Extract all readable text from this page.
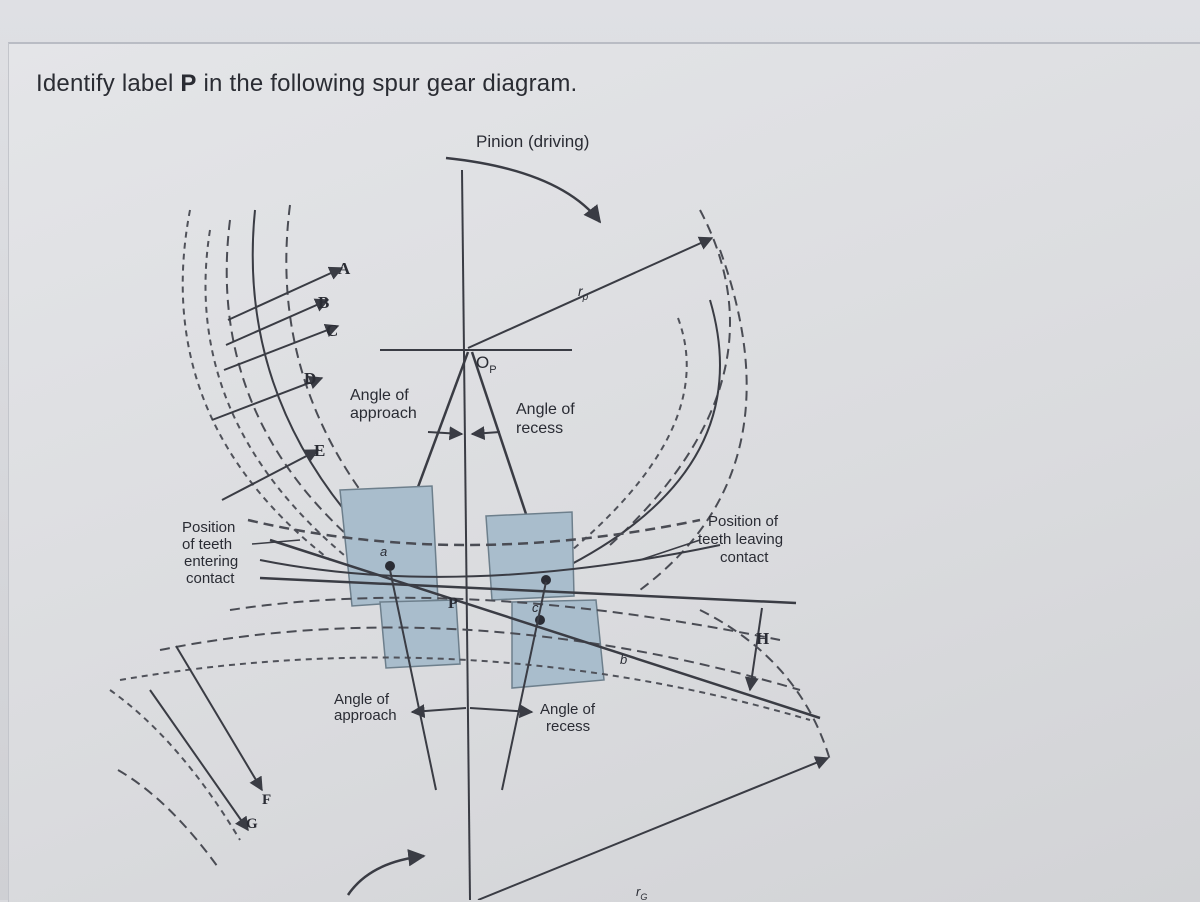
Identify label P in the following spur gear diagram.
Pinion (driving)
$O_P$
$r_p$
$r_G$
Angle of approach	Angle of recess
Angle of approach	Angle of recess
Position of teeth entering contact
Position of teeth leaving contact
A
B
C
D
E
F
G
H
P
a
b
c
